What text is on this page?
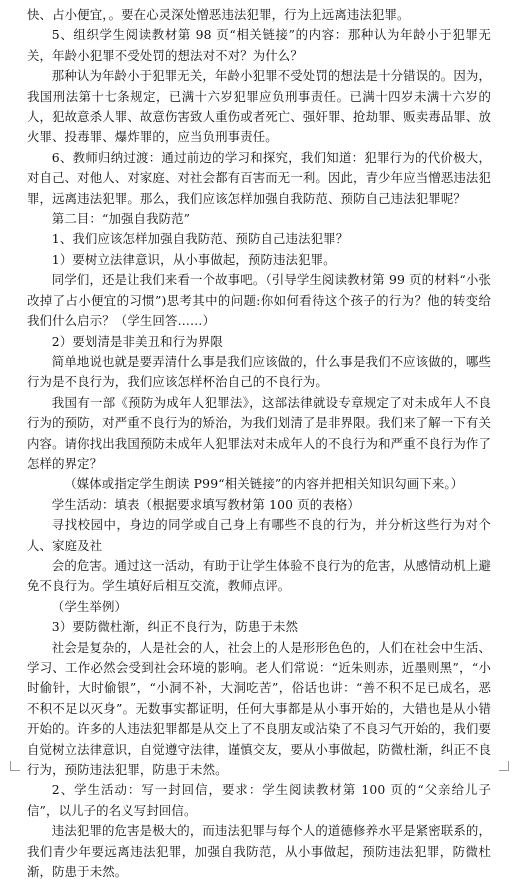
快、占小便宜，。要在心灵深处憎恶违法犯罪，行为上远离违法犯罪。

5、组织学生阅读教材第 98 页“相关链接”的内容：那种认为年龄小于犯罪无关，年龄小犯罪不受处罚的想法对不对？为什么？

那种认为年龄小于犯罪无关，年龄小犯罪不受处罚的想法是十分错误的。因为，我国刑法第十七条规定，已满十六岁犯罪应负刑事责任。已满十四岁未满十六岁的人，犯故意杀人罪、故意伤害致人重伤或者死亡、强奸罪、抢劫罪、贩卖毒品罪、放火罪、投毒罪、爆炸罪的，应当负刑事责任。

6、教师归纳过渡：通过前边的学习和探究，我们知道：犯罪行为的代价极大，对自己、对他人、对家庭、对社会都有百害而无一利。因此，青少年应当憎恶违法犯罪，远离违法犯罪。那么，我们应该怎样加强自我防范、预防自己违法犯罪呢？

第二目：“加强自我防范”

1、我们应该怎样加强自我防范、预防自己违法犯罪？

1）要树立法律意识，从小事做起，预防违法犯罪。

同学们，还是让我们来看一个故事吧。（引导学生阅读教材第 99 页的材料“小张改掉了占小便宜的习惯”)思考其中的问题:你如何看待这个孩子的行为？他的转变给我们什么启示？（学生回答……）

2）要划清是非美丑和行为界限

简单地说也就是要弄清什么事是我们应该做的，什么事是我们不应该做的，哪些行为是不良行为，我们应该怎样杯治自己的不良行为。

我国有一部《预防为成年人犯罪法》，这部法律就设专章规定了对未成年人不良行为的预防，对严重不良行为的矫治，为我们划清了是非界限。我们来了解一下有关内容。请你找出我国预防未成年人犯罪法对未成年人的不良行为和严重不良行为作了怎样的界定？

（媒体或指定学生朗读 P99“相关链接”的内容并把相关知识勾画下来。）

学生活动：填表（根据要求填写教材第 100 页的表格）

寻找校园中，身边的同学或自己身上有哪些不良的行为，并分析这些行为对个人、家庭及社

会的危害。通过这一活动，有助于让学生体验不良行为的危害，从感情动机上避免不良行为。学生填好后相互交流，教师点评。

（学生举例）

3）要防微杜渐，纠正不良行为，防患于未然

社会是复杂的，人是社会的人，社会上的人是形形色色的，人们在社会中生活、学习、工作必然会受到社会环境的影响。老人们常说：“近朱则赤，近墨则黑”，“小时偷针，大时偷银”，“小洞不补，大洞吃苦”，俗话也讲：“善不积不足已成名，恶不积不足以灭身”。无数事实都证明，任何大事都是从小事开始的，大错也是从小错开始的。许多的人违法犯罪都是从交上了不良朋友或沾染了不良习气开始的，我们要自觉树立法律意识，自觉遵守法律，谨慎交友，要从小事做起，防微杜渐，纠正不良行为，预防违法犯罪，防患于未然。

2、学生活动：写一封回信，要求：学生阅读教材第 100 页的“父亲给儿子信”，以儿子的名义写封回信。

违法犯罪的危害是极大的，而违法犯罪与每个人的道德修养水平是紧密联系的，我们青少年要远离违法犯罪，加强自我防范，从小事做起，预防违法犯罪，防微杜渐，防患于未然。
